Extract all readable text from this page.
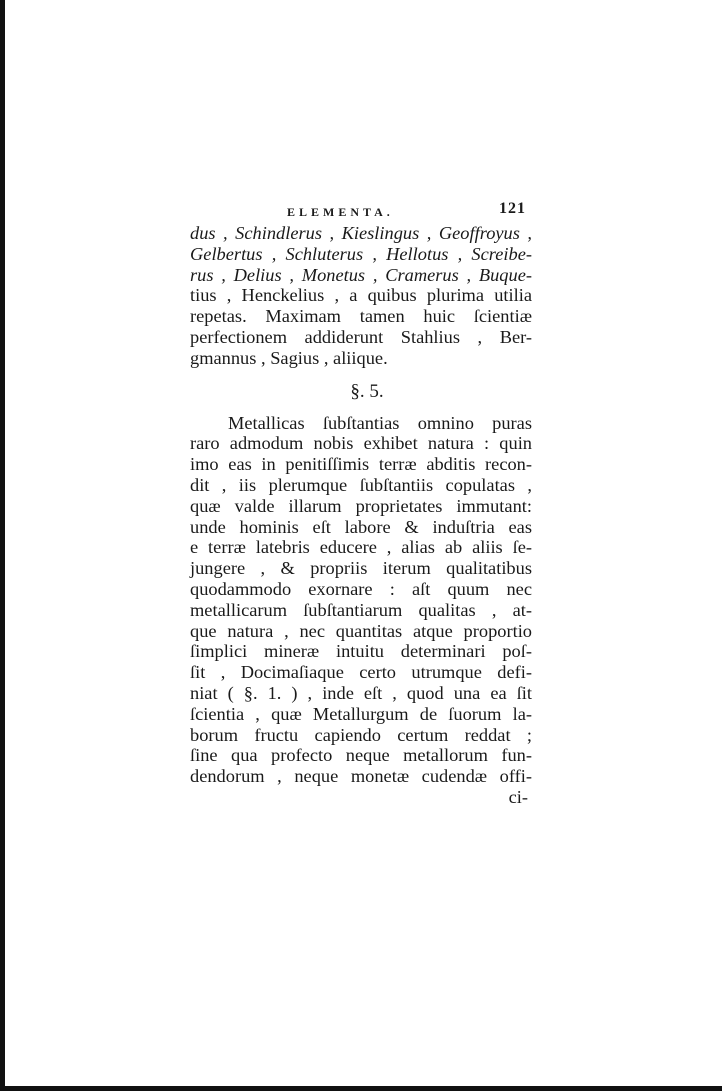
ELEMENTA.	121

dus , Schindlerus , Kieslingus , Geoffroyus ,
Gelbertus , Schluterus , Hellotus , Screibe-
rus , Delius , Monetus , Cramerus , Buque-
tius , Henckelius , a quibus plurima utilia
repetas. Maximam tamen huic ſcientiæ
perfectionem addiderunt Stahlius , Ber-
gmannus , Sagius , aliique.

§. 5.

Metallicas ſubſtantias omnino puras
raro admodum nobis exhibet natura : quin
imo eas in penitiſſimis terræ abditis recon-
dit , iis plerumque ſubſtantiis copulatas ,
quæ valde illarum proprietates immutant:
unde hominis eſt labore & induſtria eas
e terræ latebris educere , alias ab aliis ſe-
jungere , & propriis iterum qualitatibus
quodammodo exornare : aſt quum nec
metallicarum ſubſtantiarum qualitas , at-
que natura , nec quantitas atque proportio
ſimplici mineræ intuitu determinari poſ-
ſit , Docimaſiaque certo utrumque defi-
niat ( §. 1. ) , inde eſt , quod una ea ſit
ſcientia , quæ Metallurgum de ſuorum la-
borum fructu capiendo certum reddat ;
ſine qua profecto neque metallorum fun-
dendorum , neque monetæ cudendæ offi-

ci-
